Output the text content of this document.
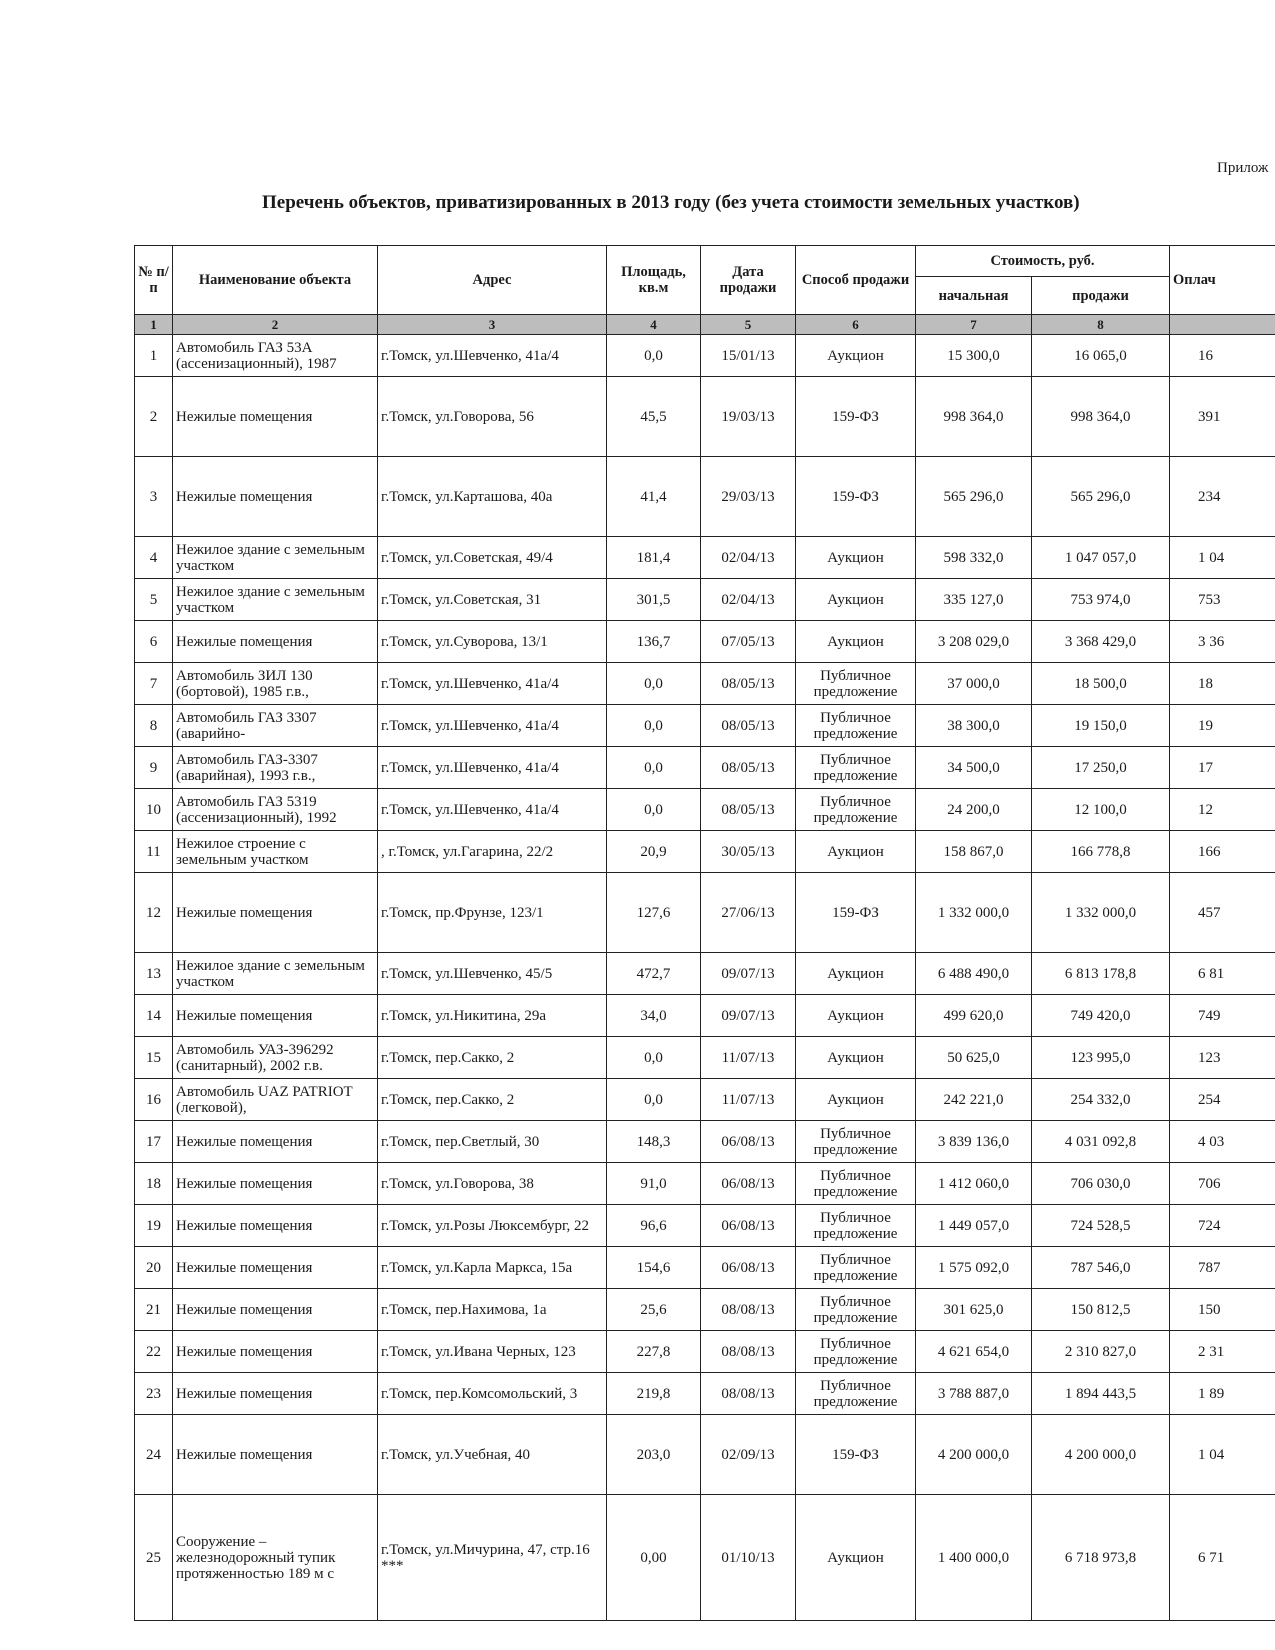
Прилож
Перечень объектов, приватизированных в 2013 году (без учета стоимости земельных участков)
№ п/п	Наименование объекта	Адрес	Площадь, кв.м	Дата продажи	Способ продажи	Стоимость, руб.		Оплач
						начальная	продажи	
1	2	3	4	5	6	7	8	
1	Автомобиль ГАЗ 53А (ассенизационный), 1987	г.Томск, ул.Шевченко, 41а/4	0,0	15/01/13	Аукцион	15 300,0	16 065,0	16
2	Нежилые помещения	г.Томск, ул.Говорова, 56	45,5	19/03/13	159-ФЗ	998 364,0	998 364,0	391
3	Нежилые помещения	г.Томск, ул.Карташова, 40а	41,4	29/03/13	159-ФЗ	565 296,0	565 296,0	234
4	Нежилое здание с земельным участком	г.Томск, ул.Советская, 49/4	181,4	02/04/13	Аукцион	598 332,0	1 047 057,0	1 04
5	Нежилое здание с земельным участком	г.Томск, ул.Советская, 31	301,5	02/04/13	Аукцион	335 127,0	753 974,0	753
6	Нежилые помещения	г.Томск, ул.Суворова, 13/1	136,7	07/05/13	Аукцион	3 208 029,0	3 368 429,0	3 36
7	Автомобиль ЗИЛ 130 (бортовой), 1985 г.в.,	г.Томск, ул.Шевченко, 41а/4	0,0	08/05/13	Публичное предложение	37 000,0	18 500,0	18
8	Автомобиль ГАЗ 3307 (аварийно-	г.Томск, ул.Шевченко, 41а/4	0,0	08/05/13	Публичное предложение	38 300,0	19 150,0	19
9	Автомобиль ГАЗ-3307 (аварийная), 1993 г.в.,	г.Томск, ул.Шевченко, 41а/4	0,0	08/05/13	Публичное предложение	34 500,0	17 250,0	17
10	Автомобиль ГАЗ 5319 (ассенизационный), 1992	г.Томск, ул.Шевченко, 41а/4	0,0	08/05/13	Публичное предложение	24 200,0	12 100,0	12
11	Нежилое строение с земельным участком	, г.Томск, ул.Гагарина, 22/2	20,9	30/05/13	Аукцион	158 867,0	166 778,8	166
12	Нежилые помещения	г.Томск, пр.Фрунзе, 123/1	127,6	27/06/13	159-ФЗ	1 332 000,0	1 332 000,0	457
13	Нежилое здание с земельным участком	г.Томск, ул.Шевченко, 45/5	472,7	09/07/13	Аукцион	6 488 490,0	6 813 178,8	6 81
14	Нежилые помещения	г.Томск, ул.Никитина, 29а	34,0	09/07/13	Аукцион	499 620,0	749 420,0	749
15	Автомобиль УАЗ-396292 (санитарный), 2002 г.в.	г.Томск, пер.Сакко, 2	0,0	11/07/13	Аукцион	50 625,0	123 995,0	123
16	Автомобиль UAZ PATRIOT (легковой),	г.Томск, пер.Сакко, 2	0,0	11/07/13	Аукцион	242 221,0	254 332,0	254
17	Нежилые помещения	г.Томск, пер.Светлый, 30	148,3	06/08/13	Публичное предложение	3 839 136,0	4 031 092,8	4 03
18	Нежилые помещения	г.Томск, ул.Говорова, 38	91,0	06/08/13	Публичное предложение	1 412 060,0	706 030,0	706
19	Нежилые помещения	г.Томск, ул.Розы Люксембург, 22	96,6	06/08/13	Публичное предложение	1 449 057,0	724 528,5	724
20	Нежилые помещения	г.Томск, ул.Карла Маркса, 15а	154,6	06/08/13	Публичное предложение	1 575 092,0	787 546,0	787
21	Нежилые помещения	г.Томск, пер.Нахимова, 1а	25,6	08/08/13	Публичное предложение	301 625,0	150 812,5	150
22	Нежилые помещения	г.Томск, ул.Ивана Черных, 123	227,8	08/08/13	Публичное предложение	4 621 654,0	2 310 827,0	2 31
23	Нежилые помещения	г.Томск, пер.Комсомольский, 3	219,8	08/08/13	Публичное предложение	3 788 887,0	1 894 443,5	1 89
24	Нежилые помещения	г.Томск, ул.Учебная, 40	203,0	02/09/13	159-ФЗ	4 200 000,0	4 200 000,0	1 04
25	Сооружение – железнодорожный тупик протяженностью 189 м с	г.Томск, ул.Мичурина, 47, стр.16 ***	0,00	01/10/13	Аукцион	1 400 000,0	6 718 973,8	6 71
